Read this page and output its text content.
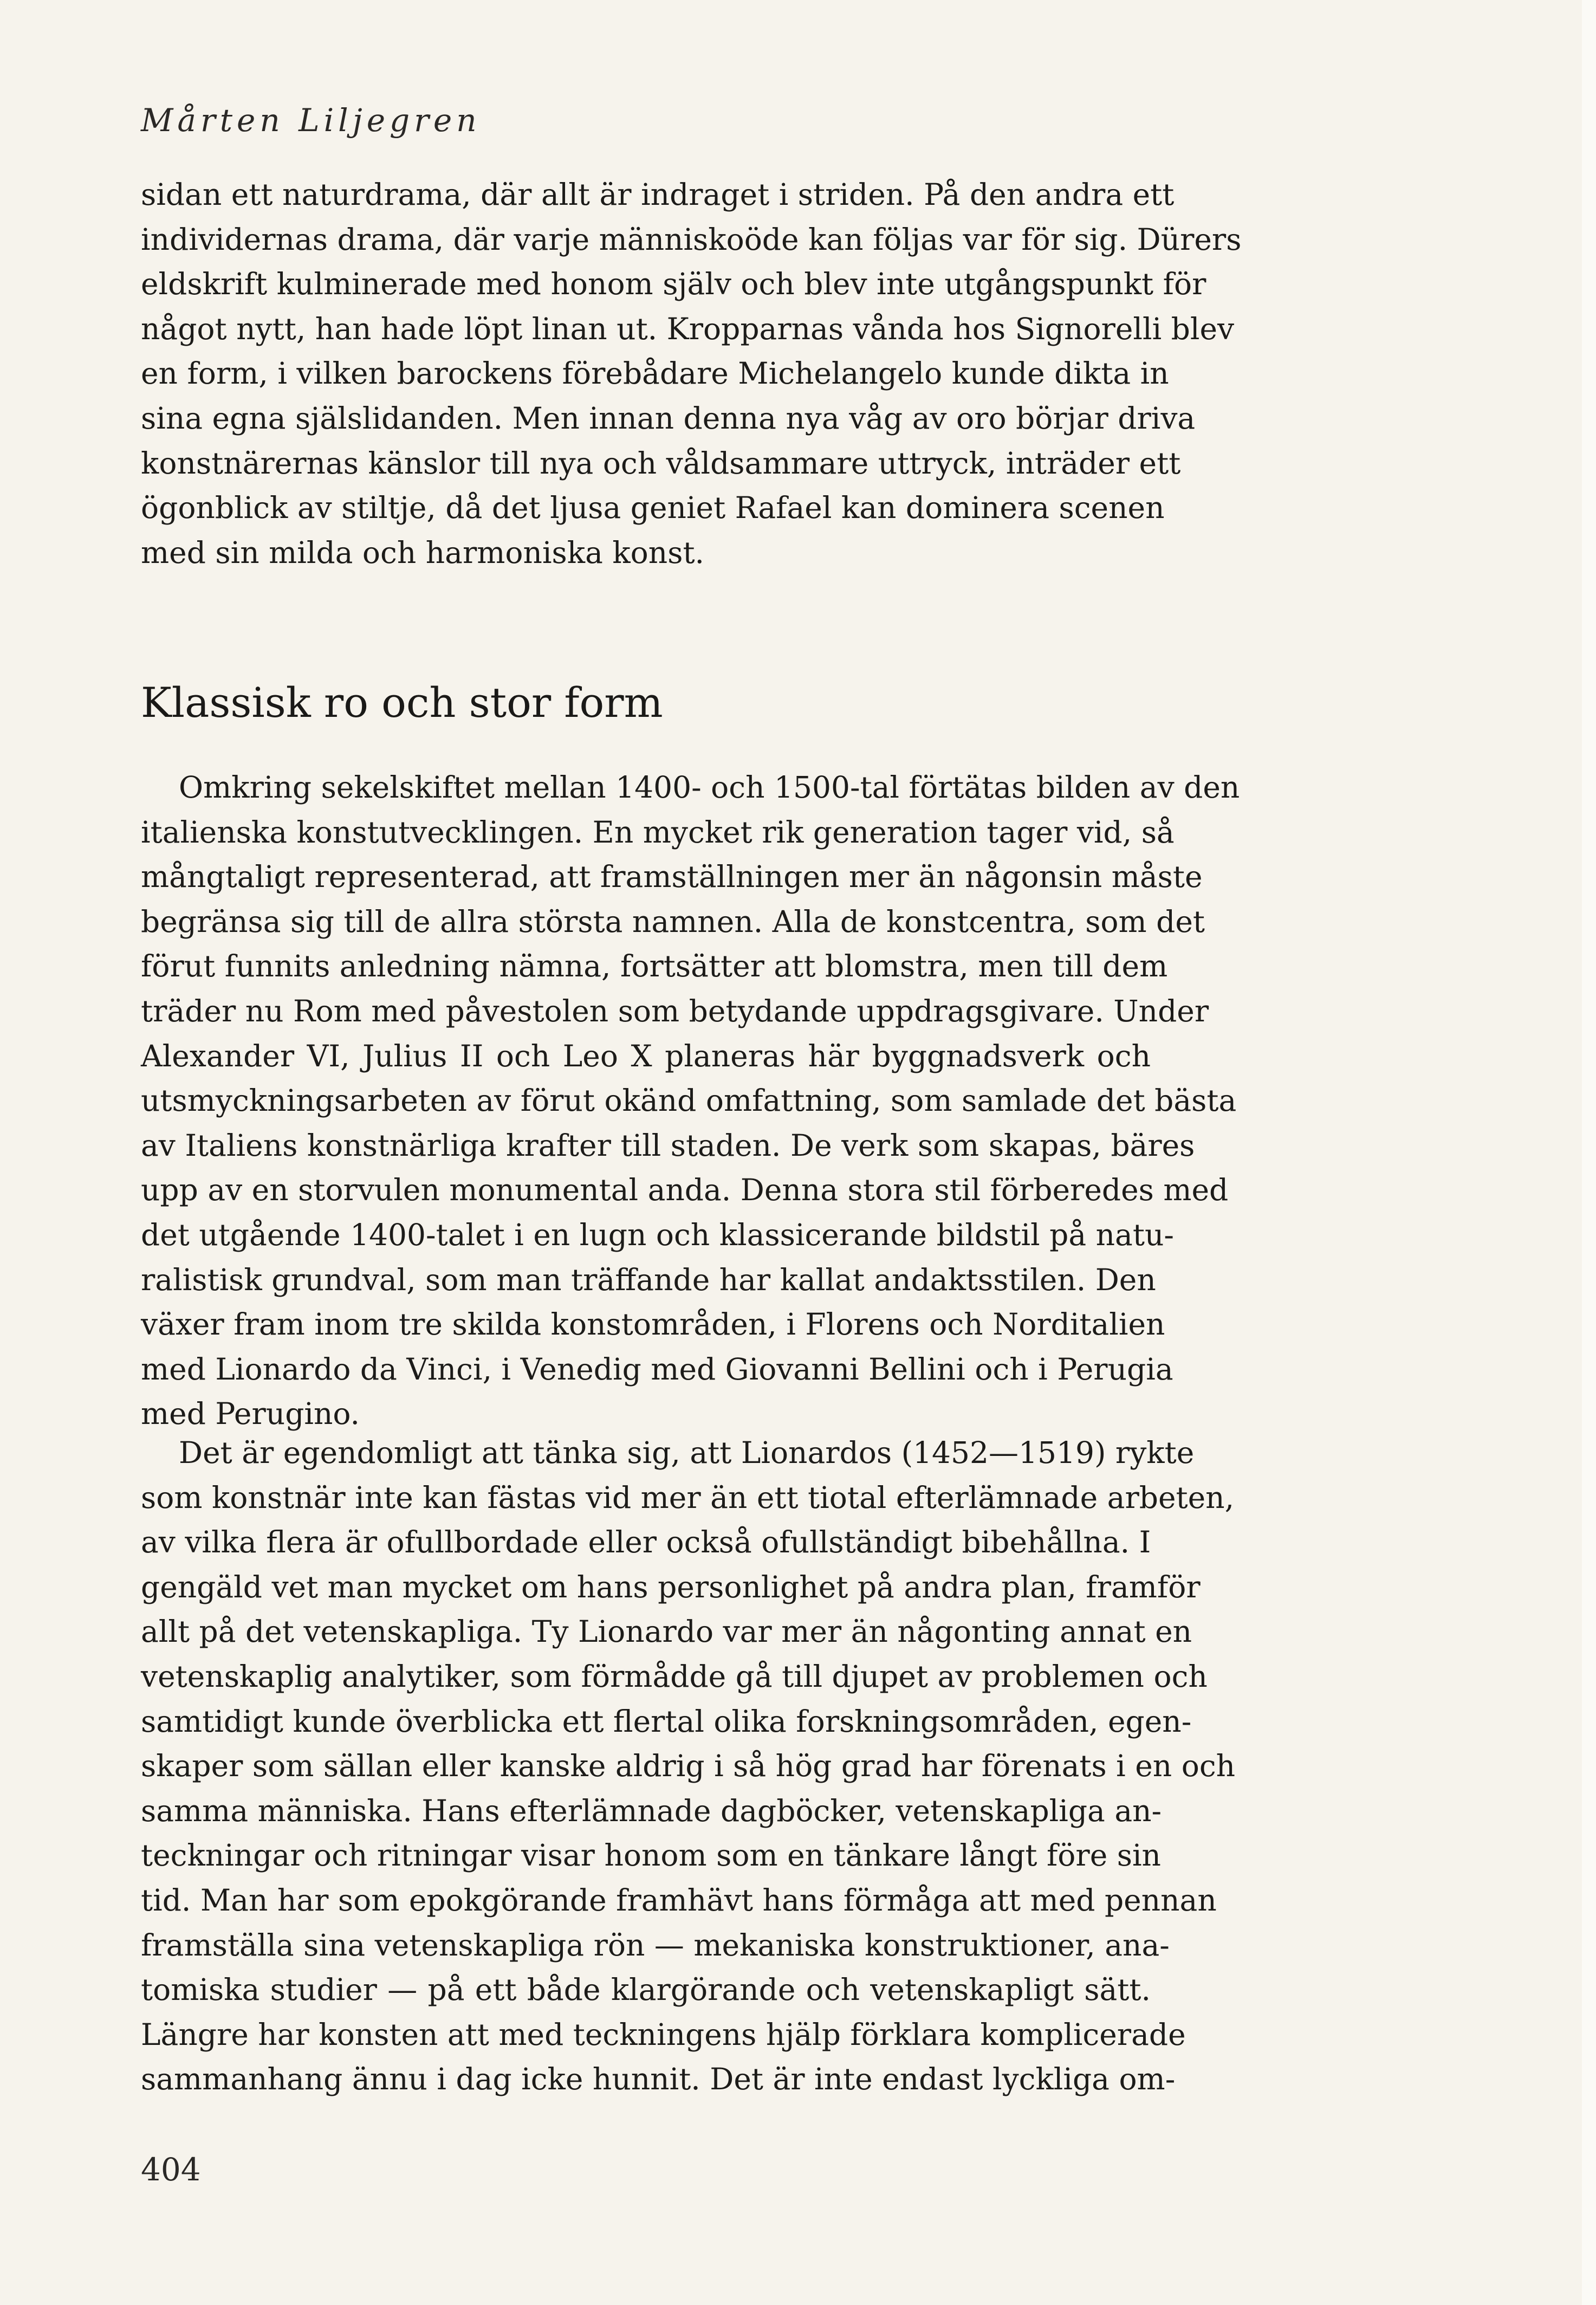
Mårten Liljegren
sidan ett naturdrama, där allt är indraget i striden. På den andra ett
individernas drama, där varje människoöde kan följas var för sig. Dürers
eldskrift kulminerade med honom själv och blev inte utgångspunkt för
något nytt, han hade löpt linan ut. Kropparnas vånda hos Signorelli blev
en form, i vilken barockens förebådare Michelangelo kunde dikta in
sina egna själslidanden. Men innan denna nya våg av oro börjar driva
konstnärernas känslor till nya och våldsammare uttryck, inträder ett
ögonblick av stiltje, då det ljusa geniet Rafael kan dominera scenen
med sin milda och harmoniska konst.
Klassisk ro och stor form
Omkring sekelskiftet mellan 1400- och 1500-tal förtätas bilden av den
italienska konstutvecklingen. En mycket rik generation tager vid, så
mångtaligt representerad, att framställningen mer än någonsin måste
begränsa sig till de allra största namnen. Alla de konstcentra, som det
förut funnits anledning nämna, fortsätter att blomstra, men till dem
träder nu Rom med påvestolen som betydande uppdragsgivare. Under
Alexander VI, Julius II och Leo X planeras här byggnadsverk och
utsmyckningsarbeten av förut okänd omfattning, som samlade det bästa
av Italiens konstnärliga krafter till staden. De verk som skapas, bäres
upp av en storvulen monumental anda. Denna stora stil förberedes med
det utgående 1400-talet i en lugn och klassicerande bildstil på natu-
ralistisk grundval, som man träffande har kallat andaktsstilen. Den
växer fram inom tre skilda konstområden, i Florens och Norditalien
med Lionardo da Vinci, i Venedig med Giovanni Bellini och i Perugia
med Perugino.
Det är egendomligt att tänka sig, att Lionardos (1452—1519) rykte
som konstnär inte kan fästas vid mer än ett tiotal efterlämnade arbeten,
av vilka flera är ofullbordade eller också ofullständigt bibehållna. I
gengäld vet man mycket om hans personlighet på andra plan, framför
allt på det vetenskapliga. Ty Lionardo var mer än någonting annat en
vetenskaplig analytiker, som förmådde gå till djupet av problemen och
samtidigt kunde överblicka ett flertal olika forskningsområden, egen-
skaper som sällan eller kanske aldrig i så hög grad har förenats i en och
samma människa. Hans efterlämnade dagböcker, vetenskapliga an-
teckningar och ritningar visar honom som en tänkare långt före sin
tid. Man har som epokgörande framhävt hans förmåga att med pennan
framställa sina vetenskapliga rön — mekaniska konstruktioner, ana-
tomiska studier — på ett både klargörande och vetenskapligt sätt.
Längre har konsten att med teckningens hjälp förklara komplicerade
sammanhang ännu i dag icke hunnit. Det är inte endast lyckliga om-
404
